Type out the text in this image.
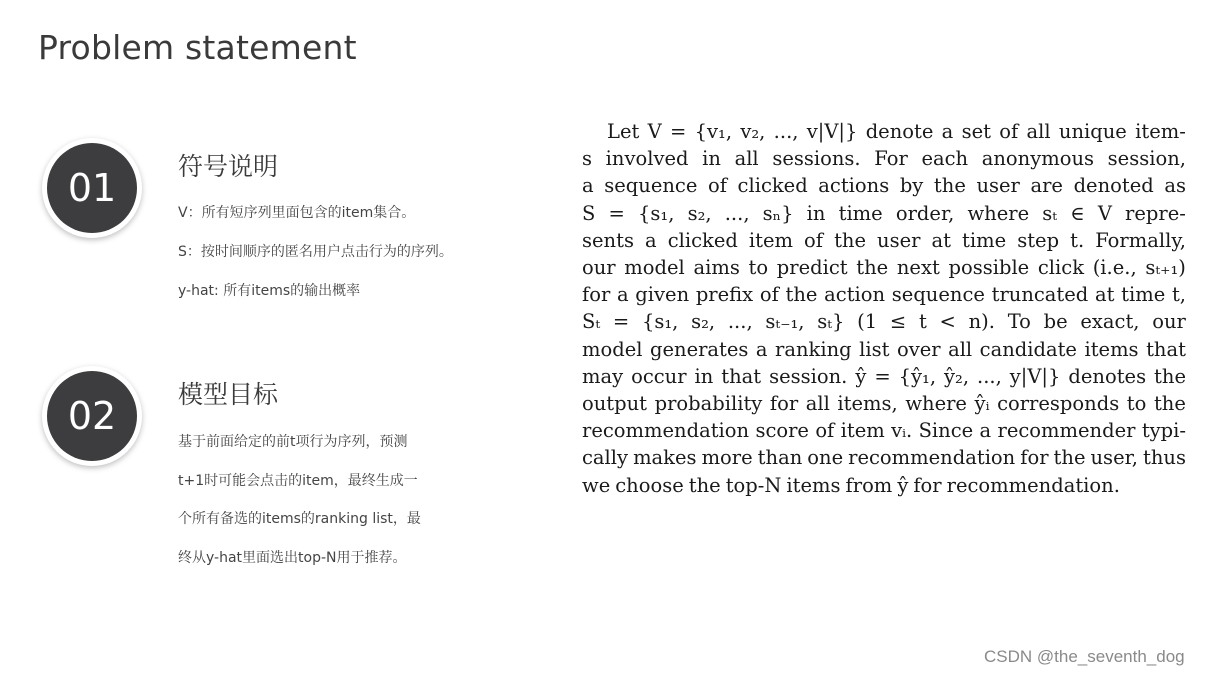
Problem statement
01	符号说明
V：所有短序列里面包含的item集合。
S：按时间顺序的匿名用户点击行为的序列。
y-hat: 所有items的输出概率
02	模型目标
基于前面给定的前t项行为序列，预测
t+1时可能会点击的item，最终生成一
个所有备选的items的ranking list，最
终从y-hat里面选出top-N用于推荐。
Let V = {v₁, v₂, ..., v|V|} denote a set of all unique item-
s involved in all sessions. For each anonymous session,
a sequence of clicked actions by the user are denoted as
S = {s₁, s₂, ..., sₙ} in time order, where sₜ ∈ V repre-
sents a clicked item of the user at time step t. Formally,
our model aims to predict the next possible click (i.e., sₜ₊₁)
for a given prefix of the action sequence truncated at time t,
Sₜ = {s₁, s₂, ..., sₜ₋₁, sₜ} (1 ≤ t < n). To be exact, our
model generates a ranking list over all candidate items that
may occur in that session. ŷ = {ŷ₁, ŷ₂, ..., y|V|} denotes the
output probability for all items, where ŷᵢ corresponds to the
recommendation score of item vᵢ. Since a recommender typi-
cally makes more than one recommendation for the user, thus
we choose the top-N items from ŷ for recommendation.
CSDN @the_seventh_dog
